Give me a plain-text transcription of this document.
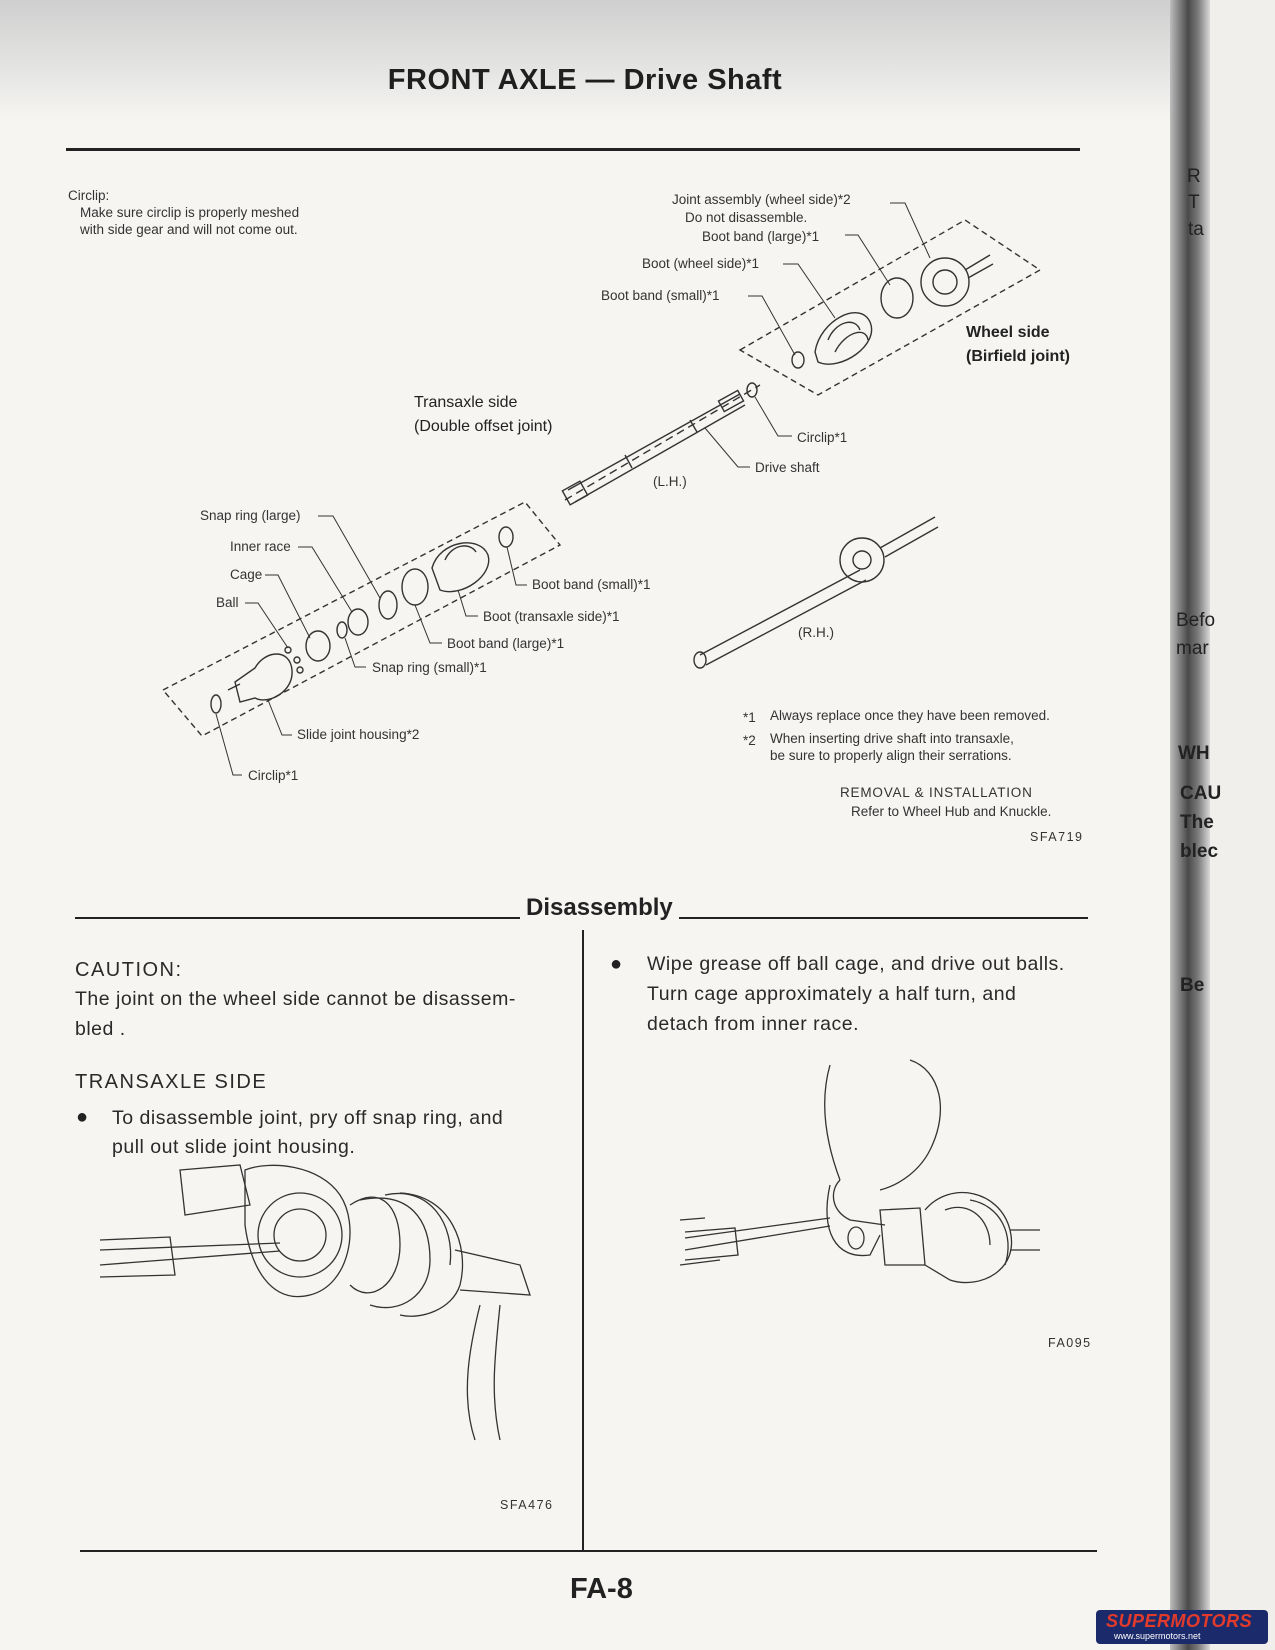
FRONT AXLE — Drive Shaft
Circlip:
Make sure circlip is properly meshed
with side gear and will not come out.
Joint assembly (wheel side)*2
Do not disassemble.
Boot band (large)*1
Boot (wheel side)*1
Boot band (small)*1
Wheel side
(Birfield joint)
Transaxle side
(Double offset joint)
Circlip*1
Drive shaft
(L.H.)
(R.H.)
Snap ring (large)
Inner race
Cage
Ball
Boot band (small)*1
Boot (transaxle side)*1
Boot band (large)*1
Snap ring (small)*1
Slide joint housing*2
Circlip*1
*1 Always replace once they have been removed.
*2 When inserting drive shaft into transaxle,
be sure to properly align their serrations.
REMOVAL & INSTALLATION
Refer to Wheel Hub and Knuckle.
SFA719
Disassembly
CAUTION:
The joint on the wheel side cannot be disassem-
bled .
TRANSAXLE SIDE
● To disassemble joint, pry off snap ring, and
pull out slide joint housing.
SFA476
● Wipe grease off ball cage, and drive out balls.
Turn cage approximately a half turn, and
detach from inner race.
FA095
FA-8
R
T
ta
Befo
mar
WH
CAU
The
blec
Be
SUPERMOTORS
www.supermotors.net
